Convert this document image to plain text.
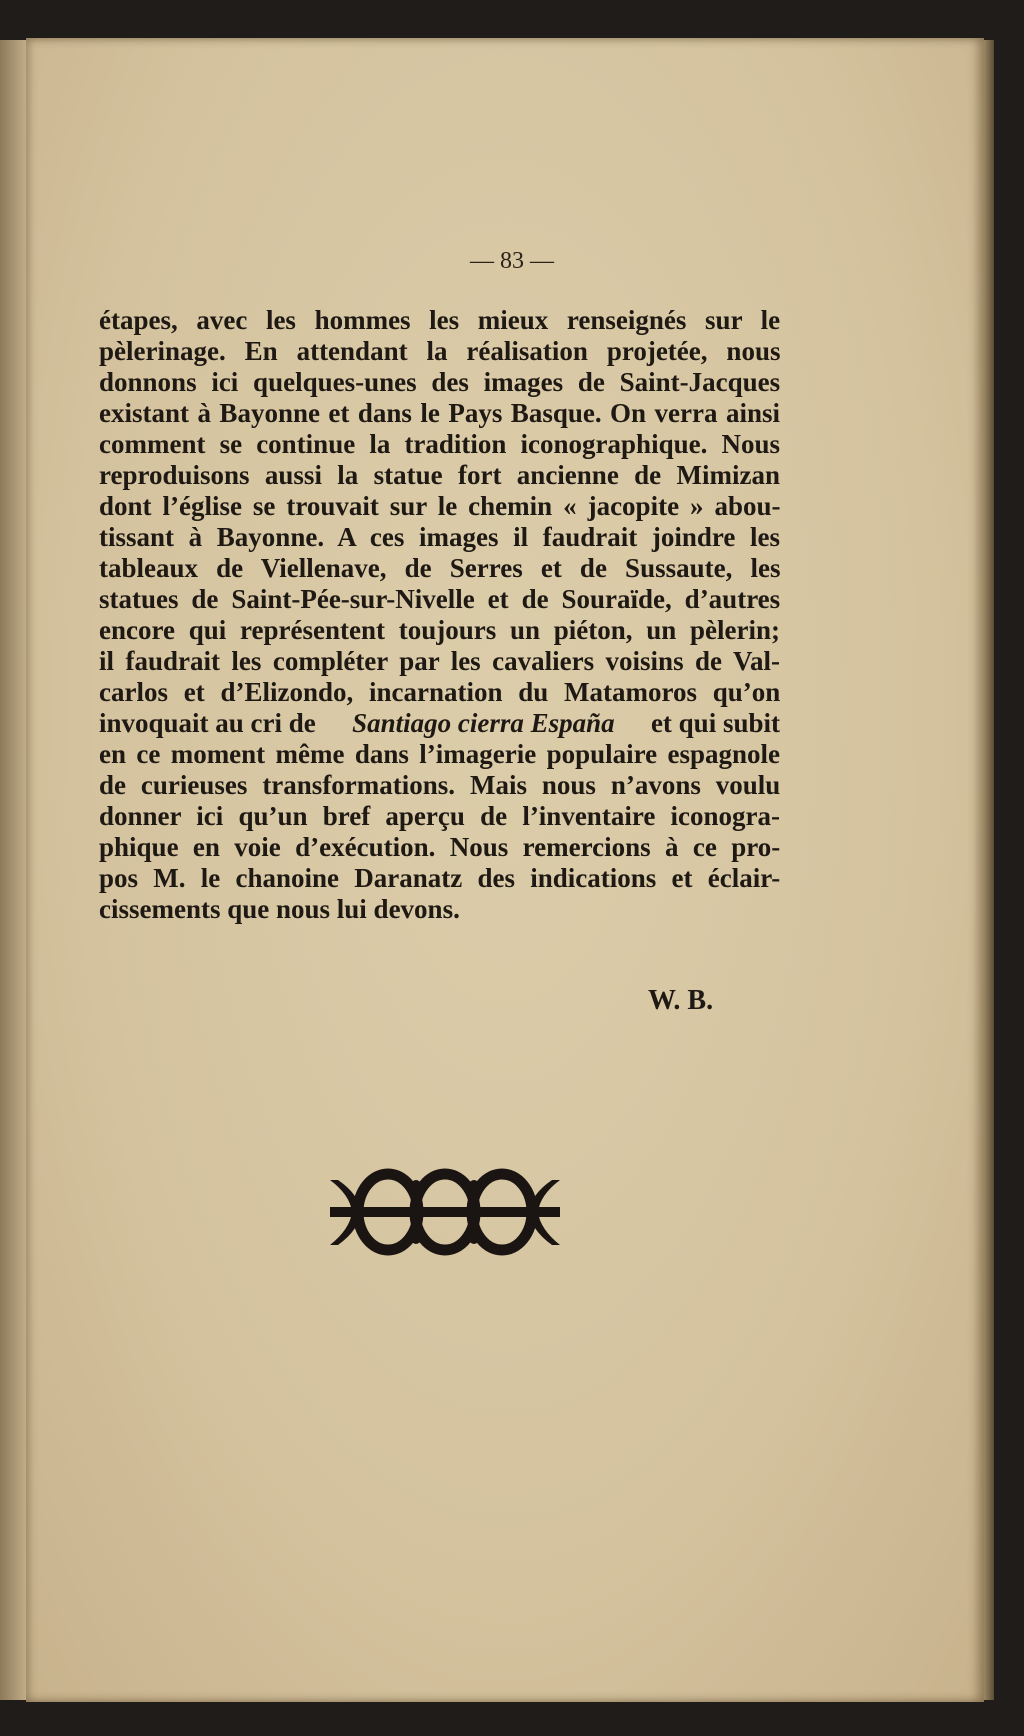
— 83 —
étapes, avec les hommes les mieux renseignés sur le
pèlerinage. En attendant la réalisation projetée, nous
donnons ici quelques-unes des images de Saint-Jacques
existant à Bayonne et dans le Pays Basque. On verra ainsi
comment se continue la tradition iconographique. Nous
reproduisons aussi la statue fort ancienne de Mimizan
dont l’église se trouvait sur le chemin « jacopite » abou-
tissant à Bayonne. A ces images il faudrait joindre les
tableaux de Viellenave, de Serres et de Sussaute, les
statues de Saint-Pée-sur-Nivelle et de Souraïde, d’autres
encore qui représentent toujours un piéton, un pèlerin;
il faudrait les compléter par les cavaliers voisins de Val-
carlos et d’Elizondo, incarnation du Matamoros qu’on
invoquait au cri de Santiago cierra España et qui subit
en ce moment même dans l’imagerie populaire espagnole
de curieuses transformations. Mais nous n’avons voulu
donner ici qu’un bref aperçu de l’inventaire iconogra-
phique en voie d’exécution. Nous remercions à ce pro-
pos M. le chanoine Daranatz des indications et éclair-
cissements que nous lui devons.
W. B.
